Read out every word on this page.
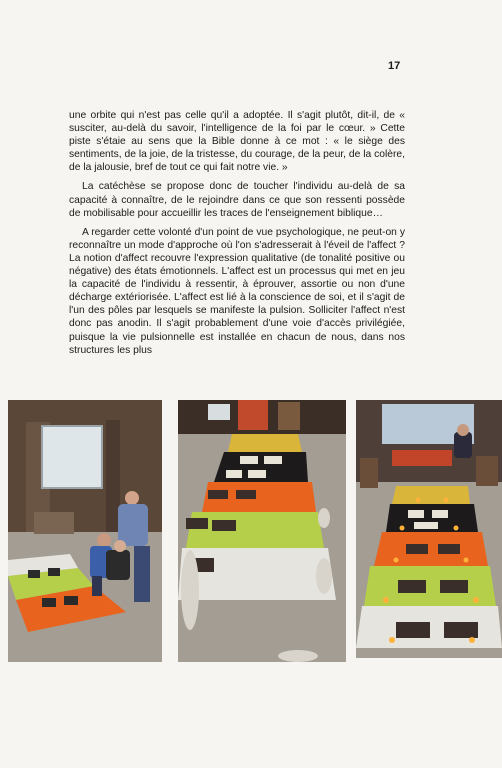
17

une orbite qui n'est pas celle qu'il a adoptée. Il s'agit plutôt, dit-il, de « susciter, au-delà du savoir, l'intelligence de la foi par le cœur. » Cette piste s'étaie au sens que la Bible donne à ce mot : « le siège des sentiments, de la joie, de la tristesse, du courage, de la peur, de la colère, de la jalousie, bref de tout ce qui fait notre vie. »

La catéchèse se propose donc de toucher l'individu au-delà de sa capacité à connaître, de le rejoindre dans ce que son ressenti possède de mobilisable pour accueillir les traces de l'enseignement biblique…

A regarder cette volonté d'un point de vue psychologique, ne peut-on y reconnaître un mode d'approche où l'on s'adresserait à l'éveil de l'affect ? La notion d'affect recouvre l'expression qualitative (de tonalité positive ou négative) des états émotionnels. L'affect est un processus qui met en jeu la capacité de l'individu à ressentir, à éprouver, assortie ou non d'une décharge extériorisée. L'affect est lié à la conscience de soi, et il s'agit de l'un des pôles par lesquels se manifeste la pulsion. Solliciter l'affect n'est donc pas anodin. Il s'agit probablement d'une voie d'accès privilégiée, puisque la vie pulsionnelle est installée en chacun de nous, dans nos structures les plus
